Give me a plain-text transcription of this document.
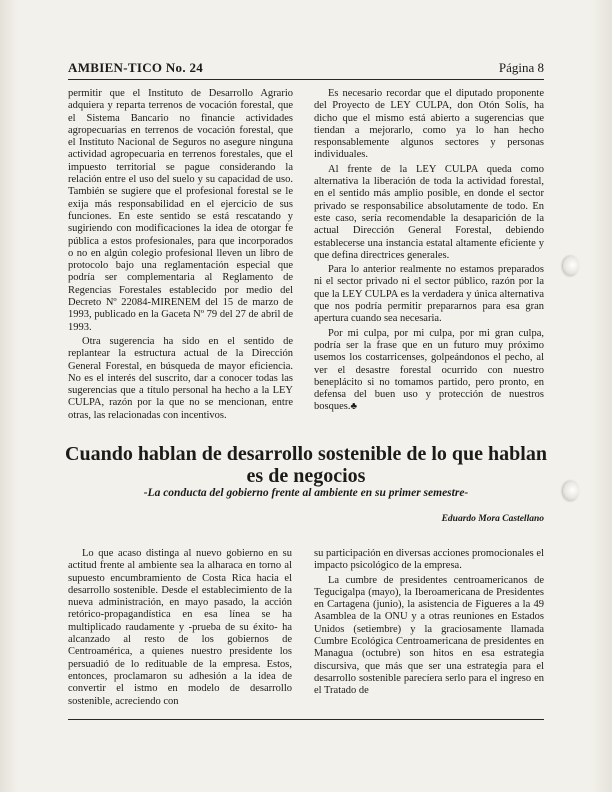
AMBIEN-TICO No. 24	Página 8

permitir que el Instituto de Desarrollo Agrario adquiera y reparta terrenos de vocación forestal, que el Sistema Bancario no financie actividades agropecuarias en terrenos de vocación forestal, que el Instituto Nacional de Seguros no asegure ninguna actividad agropecuaria en terrenos forestales, que el impuesto territorial se pague considerando la relación entre el uso del suelo y su capacidad de uso. También se sugiere que el profesional forestal se le exija más responsabilidad en el ejercicio de sus funciones. En este sentido se está rescatando y sugiriendo con modificaciones la idea de otorgar fe pública a estos profesionales, para que incorporados o no en algún colegio profesional lleven un libro de protocolo bajo una reglamentación especial que podría ser complementaria al Reglamento de Regencias Forestales establecido por medio del Decreto Nº 22084-MIRENEM del 15 de marzo de 1993, publicado en la Gaceta Nº 79 del 27 de abril de 1993.

Otra sugerencia ha sido en el sentido de replantear la estructura actual de la Dirección General Forestal, en búsqueda de mayor eficiencia. No es el interés del suscrito, dar a conocer todas las sugerencias que a título personal ha hecho a la LEY CULPA, razón por la que no se mencionan, entre otras, las relacionadas con incentivos.

Es necesario recordar que el diputado proponente del Proyecto de LEY CULPA, don Otón Solís, ha dicho que el mismo está abierto a sugerencias que tiendan a mejorarlo, como ya lo han hecho responsablemente algunos sectores y personas individuales.

Al frente de la LEY CULPA queda como alternativa la liberación de toda la actividad forestal, en el sentido más amplio posible, en donde el sector privado se responsabilice absolutamente de todo. En este caso, sería recomendable la desaparición de la actual Dirección General Forestal, debiendo establecerse una instancia estatal altamente eficiente y que defina directrices generales.

Para lo anterior realmente no estamos preparados ni el sector privado ni el sector público, razón por la que la LEY CULPA es la verdadera y única alternativa que nos podría permitir prepararnos para esa gran apertura cuando sea necesaria.

Por mi culpa, por mi culpa, por mi gran culpa, podría ser la frase que en un futuro muy próximo usemos los costarricenses, golpeándonos el pecho, al ver el desastre forestal ocurrido con nuestro beneplácito si no tomamos partido, pero pronto, en defensa del buen uso y protección de nuestros bosques.♣

Cuando hablan de desarrollo sostenible de lo que hablan
es de negocios
-La conducta del gobierno frente al ambiente en su primer semestre-
Eduardo Mora Castellano

Lo que acaso distinga al nuevo gobierno en su actitud frente al ambiente sea la alharaca en torno al supuesto encumbramiento de Costa Rica hacia el desarrollo sostenible. Desde el establecimiento de la nueva administración, en mayo pasado, la acción retórico-propagandística en esa línea se ha multiplicado raudamente y -prueba de su éxito- ha alcanzado al resto de los gobiernos de Centroamérica, a quienes nuestro presidente los persuadió de lo redituable de la empresa. Estos, entonces, proclamaron su adhesión a la idea de convertir el istmo en modelo de desarrollo sostenible, acreciendo con

su participación en diversas acciones promocionales el impacto psicológico de la empresa.

La cumbre de presidentes centroamericanos de Tegucigalpa (mayo), la Iberoamericana de Presidentes en Cartagena (junio), la asistencia de Figueres a la 49 Asamblea de la ONU y a otras reuniones en Estados Unidos (setiembre) y la graciosamente llamada Cumbre Ecológica Centroamericana de presidentes en Managua (octubre) son hitos en esa estrategia discursiva, que más que ser una estrategia para el desarrollo sostenible parecíera serlo para el ingreso en el Tratado de
